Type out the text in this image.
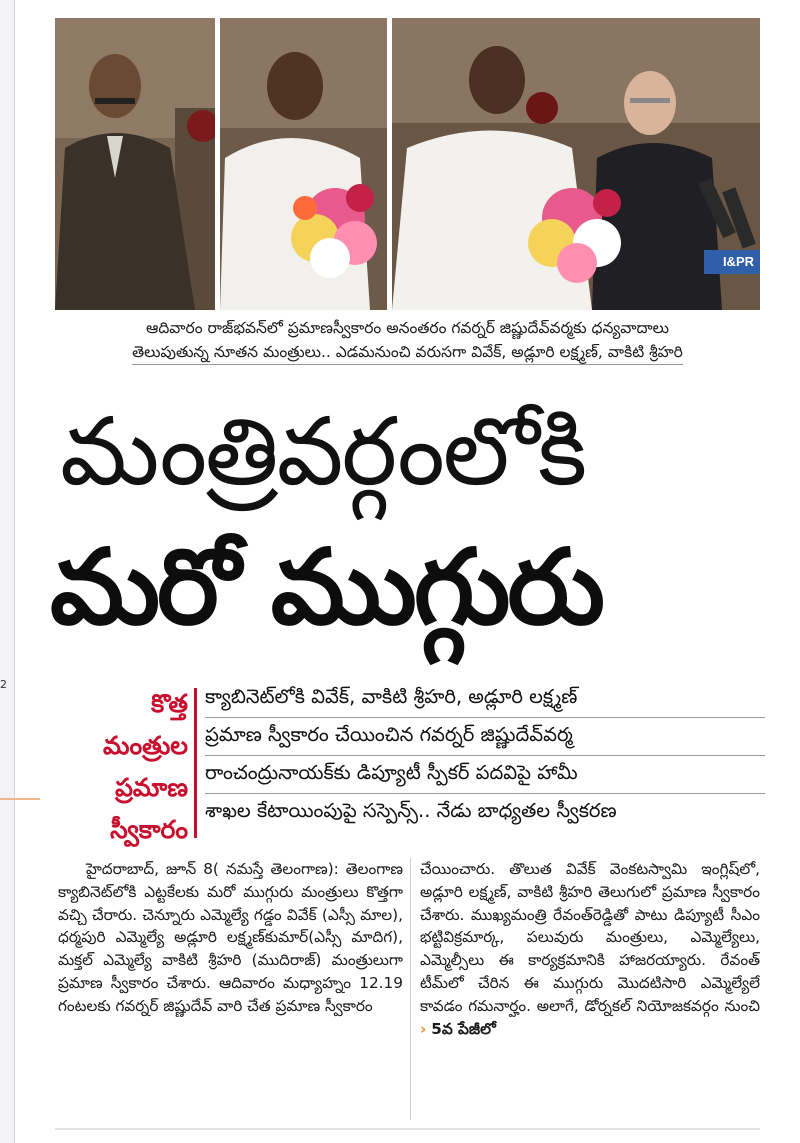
2
I&PR
ఆదివారం రాజ్‌భవన్‌లో ప్రమాణస్వీకారం అనంతరం గవర్నర్ జిష్ణుదేవ్‌వర్మకు ధన్యవాదాలు
తెలుపుతున్న నూతన మంత్రులు.. ఎడమనుంచి వరుసగా వివేక్, అడ్లూరి లక్ష్మణ్, వాకిటి శ్రీహరి
మంత్రివర్గంలోకి
మరో ముగ్గురు
కొత్త
మంత్రుల
ప్రమాణ
స్వీకారం
క్యాబినెట్‌లోకి వివేక్, వాకిటి శ్రీహరి, అడ్లూరి లక్ష్మణ్
ప్రమాణ స్వీకారం చేయించిన గవర్నర్ జిష్ణుదేవ్‌వర్మ
రాంచంద్రునాయక్‌కు డిప్యూటీ స్పీకర్ పదవిపై హామీ
శాఖల కేటాయింపుపై సస్పెన్స్.. నేడు బాధ్యతల స్వీకరణ
హైదరాబాద్, జూన్ 8( నమస్తే తెలంగాణ): తెలంగాణ క్యాబినెట్‌లోకి ఎట్టకేలకు మరో ముగ్గురు మంత్రులు కొత్తగా వచ్చి చేరారు. చెన్నూరు ఎమ్మెల్యే గడ్డం వివేక్ (ఎస్సీ మాల), ధర్మపురి ఎమ్మెల్యే అడ్లూరి లక్ష్మణ్‌కుమార్(ఎస్సీ మాదిగ), మక్తల్ ఎమ్మెల్యే వాకిటి శ్రీహరి (ముదిరాజ్) మంత్రులుగా ప్రమాణ స్వీకారం చేశారు. ఆదివారం మధ్యాహ్నం 12.19 గంటలకు గవర్నర్ జిష్ణుదేవ్ వారి చేత ప్రమాణ స్వీకారం
చేయించారు. తొలుత వివేక్ వెంకటస్వామి ఇంగ్లిష్‌లో, అడ్లూరి లక్ష్మణ్, వాకిటి శ్రీహరి తెలుగులో ప్రమాణ స్వీకారం చేశారు. ముఖ్యమంత్రి రేవంత్‌రెడ్డితో పాటు డిప్యూటీ సీఎం భట్టివిక్రమార్క, పలువురు మంత్రులు, ఎమ్మెల్యేలు, ఎమ్మెల్సీలు ఈ కార్యక్రమానికి హాజరయ్యారు. రేవంత్ టీమ్‌లో చేరిన ఈ ముగ్గురు మొదటిసారి ఎమ్మెల్యేలే కావడం గమనార్హం. అలాగే, డోర్నకల్ నియోజకవర్గం నుంచి › 5వ పేజీలో
